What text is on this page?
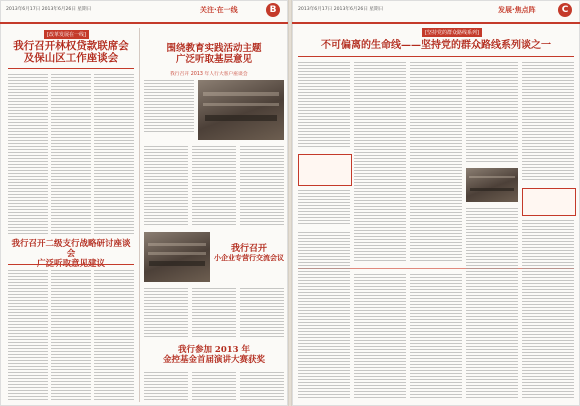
2013年6月17日 2013年6月26日 星期日	关注·在一线	B
[改革发展在一线]
我行召开林权贷款联席会
及保山区工作座谈会
我行召开二级支行战略研讨座谈会
围绕教育实践活动主题
广泛听取基层意见
我行召开 2013 年人行大客户座谈会
我行召开
小企业专营行交流会议
我行参加 2013 年
金控基金首届演讲大赛获奖
2013年6月17日 2013年6月26日 星期日	发展·焦点阵	C
[坚持党的群众路线系列]
不可偏离的生命线——坚持党的群众路线系列谈之一
